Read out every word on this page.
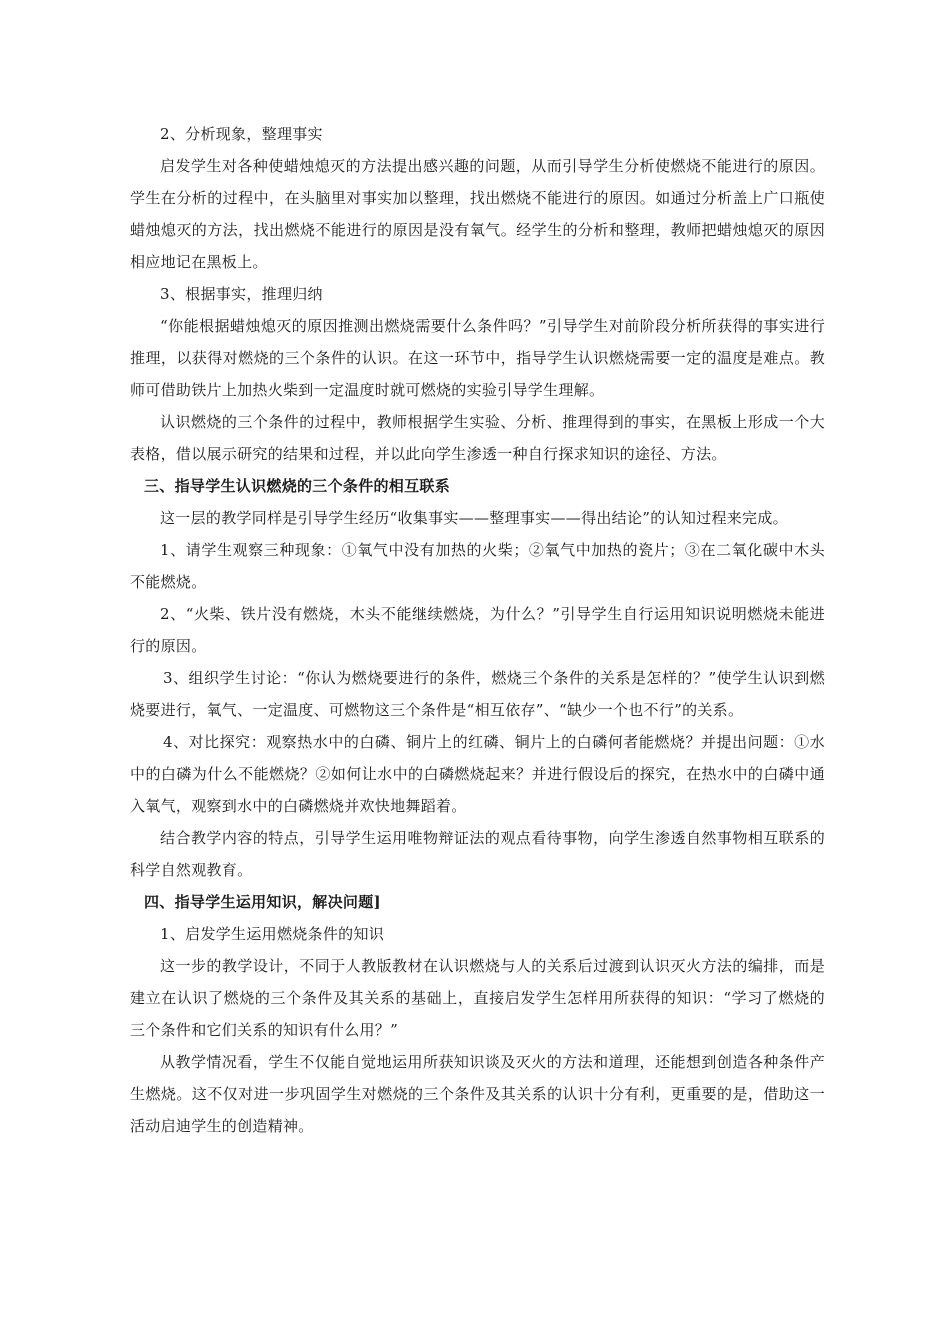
2、分析现象，整理事实

启发学生对各种使蜡烛熄灭的方法提出感兴趣的问题，从而引导学生分析使燃烧不能进行的原因。学生在分析的过程中，在头脑里对事实加以整理，找出燃烧不能进行的原因。如通过分析盖上广口瓶使蜡烛熄灭的方法，找出燃烧不能进行的原因是没有氧气。经学生的分析和整理，教师把蜡烛熄灭的原因相应地记在黑板上。

3、根据事实，推理归纳

“你能根据蜡烛熄灭的原因推测出燃烧需要什么条件吗？”引导学生对前阶段分析所获得的事实进行推理，以获得对燃烧的三个条件的认识。在这一环节中，指导学生认识燃烧需要一定的温度是难点。教师可借助铁片上加热火柴到一定温度时就可燃烧的实验引导学生理解。

认识燃烧的三个条件的过程中，教师根据学生实验、分析、推理得到的事实，在黑板上形成一个大表格，借以展示研究的结果和过程，并以此向学生渗透一种自行探求知识的途径、方法。

三、指导学生认识燃烧的三个条件的相互联系

这一层的教学同样是引导学生经历“收集事实——整理事实——得出结论”的认知过程来完成。

1、请学生观察三种现象：①氧气中没有加热的火柴；②氧气中加热的瓷片；③在二氧化碳中木头不能燃烧。

2、“火柴、铁片没有燃烧，木头不能继续燃烧，为什么？”引导学生自行运用知识说明燃烧未能进行的原因。

3、组织学生讨论：“你认为燃烧要进行的条件，燃烧三个条件的关系是怎样的？”使学生认识到燃烧要进行，氧气、一定温度、可燃物这三个条件是“相互依存”、“缺少一个也不行”的关系。

4、对比探究：观察热水中的白磷、铜片上的红磷、铜片上的白磷何者能燃烧？并提出问题：①水中的白磷为什么不能燃烧？②如何让水中的白磷燃烧起来？并进行假设后的探究，在热水中的白磷中通入氧气，观察到水中的白磷燃烧并欢快地舞蹈着。

结合教学内容的特点，引导学生运用唯物辩证法的观点看待事物，向学生渗透自然事物相互联系的科学自然观教育。

四、指导学生运用知识，解决问题]

1、启发学生运用燃烧条件的知识

这一步的教学设计，不同于人教版教材在认识燃烧与人的关系后过渡到认识灭火方法的编排，而是建立在认识了燃烧的三个条件及其关系的基础上，直接启发学生怎样用所获得的知识：“学习了燃烧的三个条件和它们关系的知识有什么用？”

从教学情况看，学生不仅能自觉地运用所获知识谈及灭火的方法和道理，还能想到创造各种条件产生燃烧。这不仅对进一步巩固学生对燃烧的三个条件及其关系的认识十分有利，更重要的是，借助这一活动启迪学生的创造精神。
